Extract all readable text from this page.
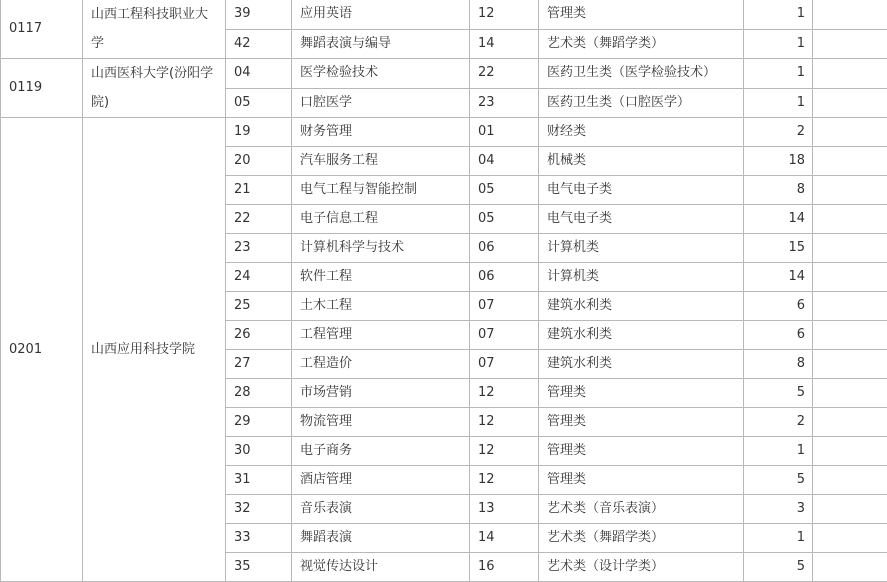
0117	山西工程科技职业大学	39	应用英语	12	管理类	1	
		42	舞蹈表演与编导	14	艺术类（舞蹈学类）	1	
0119	山西医科大学(汾阳学院)	04	医学检验技术	22	医药卫生类（医学检验技术）	1	
		05	口腔医学	23	医药卫生类（口腔医学）	1	
0201	山西应用科技学院	19	财务管理	01	财经类	2	
		20	汽车服务工程	04	机械类	18	
		21	电气工程与智能控制	05	电气电子类	8	
		22	电子信息工程	05	电气电子类	14	
		23	计算机科学与技术	06	计算机类	15	
		24	软件工程	06	计算机类	14	
		25	土木工程	07	建筑水利类	6	
		26	工程管理	07	建筑水利类	6	
		27	工程造价	07	建筑水利类	8	
		28	市场营销	12	管理类	5	
		29	物流管理	12	管理类	2	
		30	电子商务	12	管理类	1	
		31	酒店管理	12	管理类	5	
		32	音乐表演	13	艺术类（音乐表演）	3	
		33	舞蹈表演	14	艺术类（舞蹈学类）	1	
		35	视觉传达设计	16	艺术类（设计学类）	5	
